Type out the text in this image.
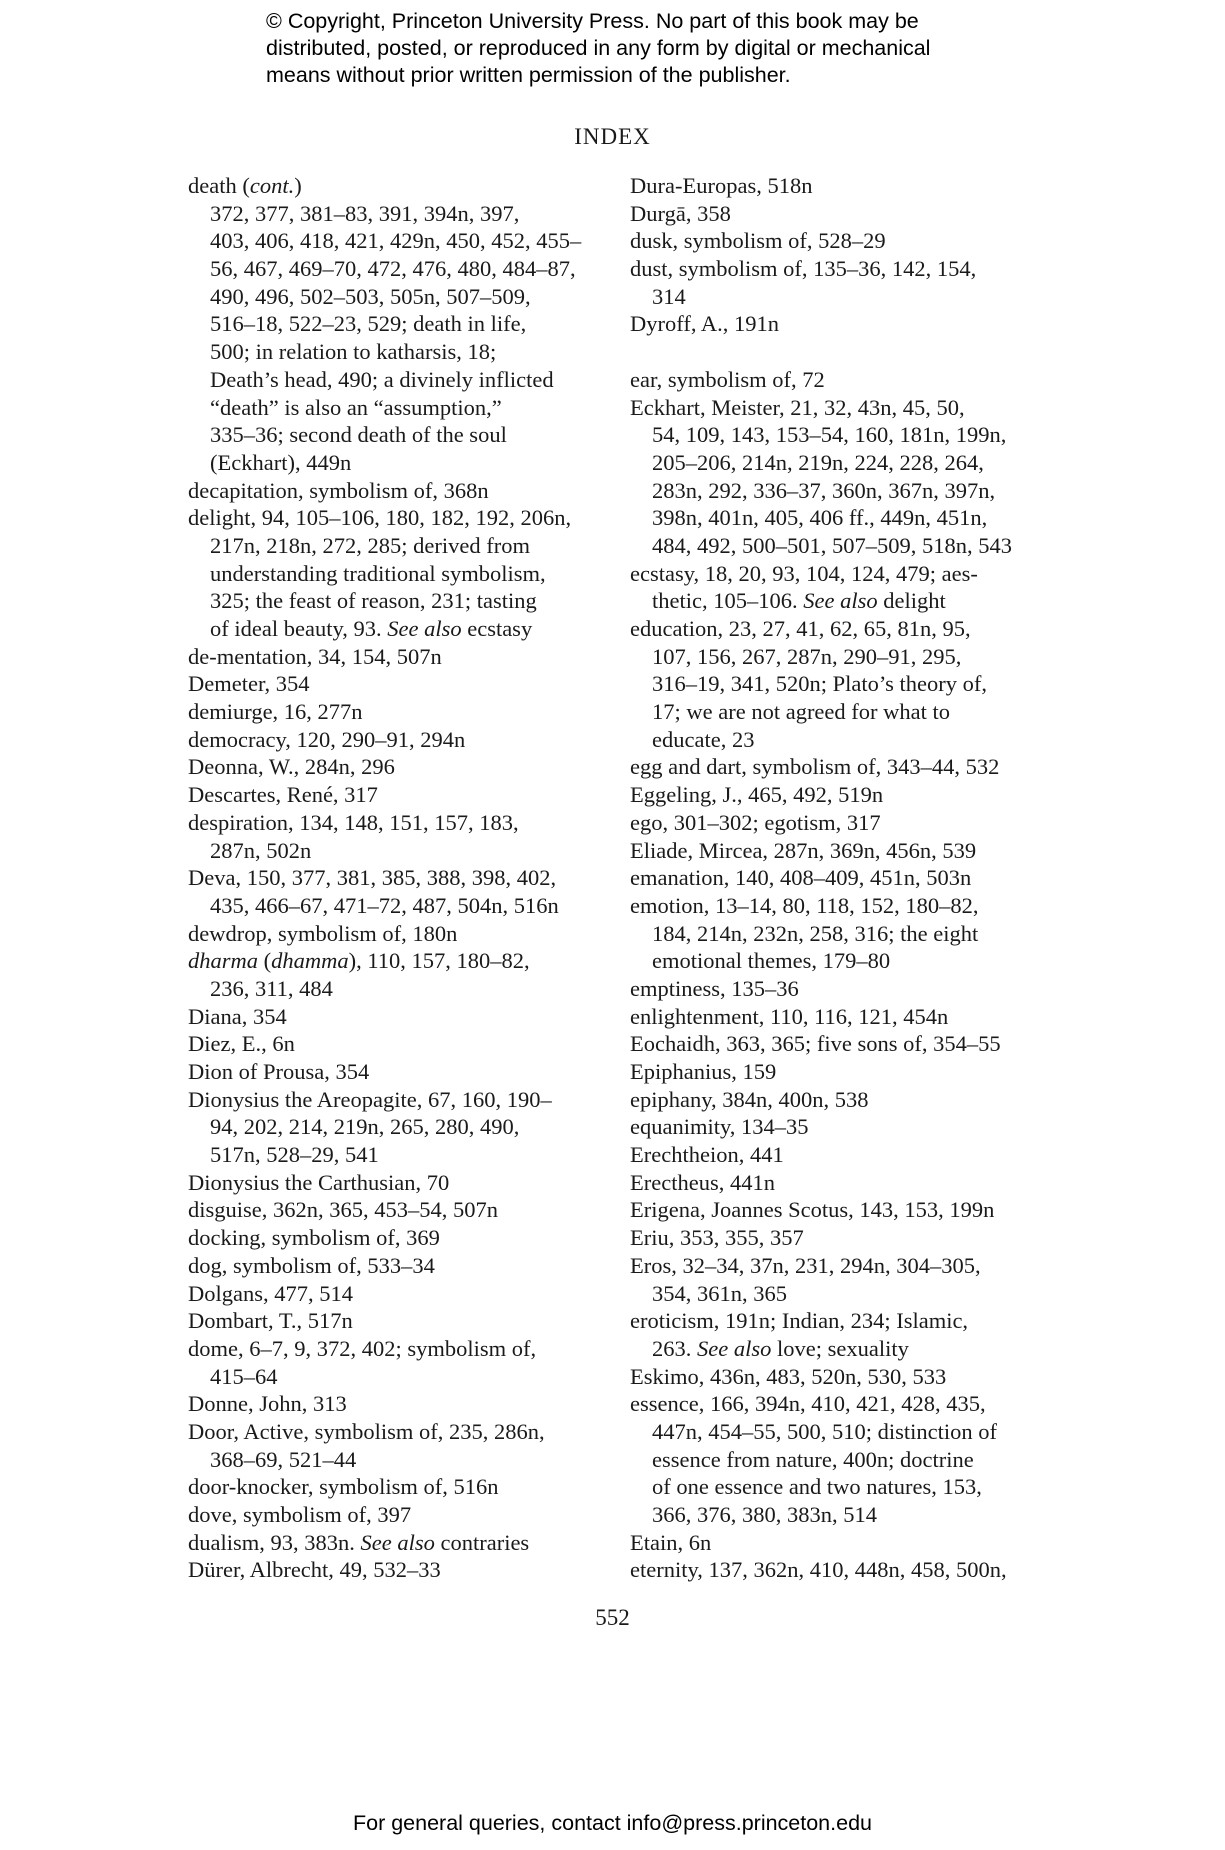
© Copyright, Princeton University Press. No part of this book may be
distributed, posted, or reproduced in any form by digital or mechanical
means without prior written permission of the publisher.
INDEX
death (cont.)
372, 377, 381–83, 391, 394n, 397,
403, 406, 418, 421, 429n, 450, 452, 455–
56, 467, 469–70, 472, 476, 480, 484–87,
490, 496, 502–503, 505n, 507–509,
516–18, 522–23, 529; death in life,
500; in relation to katharsis, 18;
Death’s head, 490; a divinely inflicted
“death” is also an “assumption,”
335–36; second death of the soul
(Eckhart), 449n
decapitation, symbolism of, 368n
delight, 94, 105–106, 180, 182, 192, 206n,
217n, 218n, 272, 285; derived from
understanding traditional symbolism,
325; the feast of reason, 231; tasting
of ideal beauty, 93. See also ecstasy
de-mentation, 34, 154, 507n
Demeter, 354
demiurge, 16, 277n
democracy, 120, 290–91, 294n
Deonna, W., 284n, 296
Descartes, René, 317
despiration, 134, 148, 151, 157, 183,
287n, 502n
Deva, 150, 377, 381, 385, 388, 398, 402,
435, 466–67, 471–72, 487, 504n, 516n
dewdrop, symbolism of, 180n
dharma (dhamma), 110, 157, 180–82,
236, 311, 484
Diana, 354
Diez, E., 6n
Dion of Prousa, 354
Dionysius the Areopagite, 67, 160, 190–
94, 202, 214, 219n, 265, 280, 490,
517n, 528–29, 541
Dionysius the Carthusian, 70
disguise, 362n, 365, 453–54, 507n
docking, symbolism of, 369
dog, symbolism of, 533–34
Dolgans, 477, 514
Dombart, T., 517n
dome, 6–7, 9, 372, 402; symbolism of,
415–64
Donne, John, 313
Door, Active, symbolism of, 235, 286n,
368–69, 521–44
door-knocker, symbolism of, 516n
dove, symbolism of, 397
dualism, 93, 383n. See also contraries
Dürer, Albrecht, 49, 532–33
Dura-Europas, 518n
Durgā, 358
dusk, symbolism of, 528–29
dust, symbolism of, 135–36, 142, 154,
314
Dyroff, A., 191n
ear, symbolism of, 72
Eckhart, Meister, 21, 32, 43n, 45, 50,
54, 109, 143, 153–54, 160, 181n, 199n,
205–206, 214n, 219n, 224, 228, 264,
283n, 292, 336–37, 360n, 367n, 397n,
398n, 401n, 405, 406 ff., 449n, 451n,
484, 492, 500–501, 507–509, 518n, 543
ecstasy, 18, 20, 93, 104, 124, 479; aes-
thetic, 105–106. See also delight
education, 23, 27, 41, 62, 65, 81n, 95,
107, 156, 267, 287n, 290–91, 295,
316–19, 341, 520n; Plato’s theory of,
17; we are not agreed for what to
educate, 23
egg and dart, symbolism of, 343–44, 532
Eggeling, J., 465, 492, 519n
ego, 301–302; egotism, 317
Eliade, Mircea, 287n, 369n, 456n, 539
emanation, 140, 408–409, 451n, 503n
emotion, 13–14, 80, 118, 152, 180–82,
184, 214n, 232n, 258, 316; the eight
emotional themes, 179–80
emptiness, 135–36
enlightenment, 110, 116, 121, 454n
Eochaidh, 363, 365; five sons of, 354–55
Epiphanius, 159
epiphany, 384n, 400n, 538
equanimity, 134–35
Erechtheion, 441
Erectheus, 441n
Erigena, Joannes Scotus, 143, 153, 199n
Eriu, 353, 355, 357
Eros, 32–34, 37n, 231, 294n, 304–305,
354, 361n, 365
eroticism, 191n; Indian, 234; Islamic,
263. See also love; sexuality
Eskimo, 436n, 483, 520n, 530, 533
essence, 166, 394n, 410, 421, 428, 435,
447n, 454–55, 500, 510; distinction of
essence from nature, 400n; doctrine
of one essence and two natures, 153,
366, 376, 380, 383n, 514
Etain, 6n
eternity, 137, 362n, 410, 448n, 458, 500n,
552
For general queries, contact info@press.princeton.edu
